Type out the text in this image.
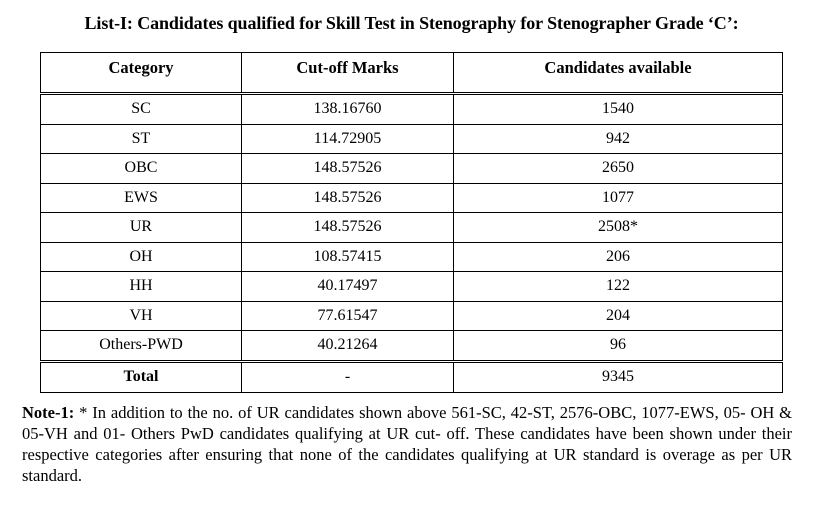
List-I: Candidates qualified for Skill Test in Stenography for Stenographer Grade ‘C’:
Category	Cut-off Marks	Candidates available
SC	138.16760	1540
ST	114.72905	942
OBC	148.57526	2650
EWS	148.57526	1077
UR	148.57526	2508*
OH	108.57415	206
HH	40.17497	122
VH	77.61547	204
Others-PWD	40.21264	96
Total	-	9345
Note-1: * In addition to the no. of UR candidates shown above 561-SC, 42-ST, 2576-OBC, 1077-EWS, 05- OH & 05-VH and 01- Others PwD candidates qualifying at UR cut- off. These candidates have been shown under their respective categories after ensuring that none of the candidates qualifying at UR standard is overage as per UR standard.
